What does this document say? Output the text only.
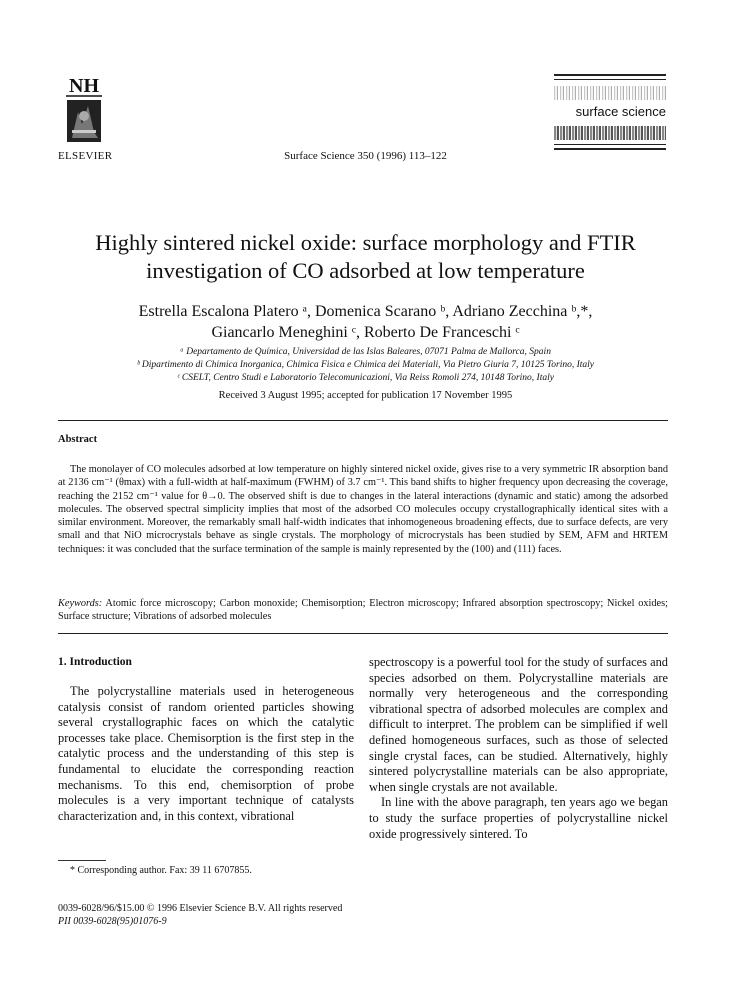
NH
ELSEVIER	Surface Science 350 (1996) 113–122
surface science
Highly sintered nickel oxide: surface morphology and FTIR investigation of CO adsorbed at low temperature
Estrella Escalona Platero ᵃ, Domenica Scarano ᵇ, Adriano Zecchina ᵇ,*,
Giancarlo Meneghini ᶜ, Roberto De Franceschi ᶜ
ᵃ Departamento de Química, Universidad de las Islas Baleares, 07071 Palma de Mallorca, Spain
ᵇ Dipartimento di Chimica Inorganica, Chimica Fisica e Chimica dei Materiali, Via Pietro Giuria 7, 10125 Torino, Italy
ᶜ CSELT, Centro Studi e Laboratorio Telecomunicazioni, Via Reiss Romoli 274, 10148 Torino, Italy
Received 3 August 1995; accepted for publication 17 November 1995
Abstract
The monolayer of CO molecules adsorbed at low temperature on highly sintered nickel oxide, gives rise to a very symmetric IR absorption band at 2136 cm⁻¹ (θmax) with a full-width at half-maximum (FWHM) of 3.7 cm⁻¹. This band shifts to higher frequency upon decreasing the coverage, reaching the 2152 cm⁻¹ value for θ→0. The observed shift is due to changes in the lateral interactions (dynamic and static) among the adsorbed molecules. The observed spectral simplicity implies that most of the adsorbed CO molecules occupy crystallographically identical sites with a similar environment. Moreover, the remarkably small half-width indicates that inhomogeneous broadening effects, due to surface defects, are very small and that NiO microcrystals behave as single crystals. The morphology of microcrystals has been studied by SEM, AFM and HRTEM techniques: it was concluded that the surface termination of the sample is mainly represented by the (100) and (111) faces.
Keywords: Atomic force microscopy; Carbon monoxide; Chemisorption; Electron microscopy; Infrared absorption spectroscopy; Nickel oxides; Surface structure; Vibrations of adsorbed molecules
1. Introduction

The polycrystalline materials used in heterogeneous catalysis consist of random oriented particles showing several crystallographic faces on which the catalytic processes take place. Chemisorption is the first step in the catalytic process and the understanding of this step is fundamental to elucidate the corresponding reaction mechanisms. To this end, chemisorption of probe molecules is a very important technique of catalysts characterization and, in this context, vibrational

spectroscopy is a powerful tool for the study of surfaces and species adsorbed on them. Polycrystalline materials are normally very heterogeneous and the corresponding vibrational spectra of adsorbed molecules are complex and difficult to interpret. The problem can be simplified if well defined homogeneous surfaces, such as those of selected single crystal faces, can be studied. Alternatively, highly sintered polycrystalline materials can be also appropriate, when single crystals are not available.

In line with the above paragraph, ten years ago we began to study the surface properties of polycrystalline nickel oxide progressively sintered. To

* Corresponding author. Fax: 39 11 6707855.
0039-6028/96/$15.00 © 1996 Elsevier Science B.V. All rights reserved
PII 0039-6028(95)01076-9
